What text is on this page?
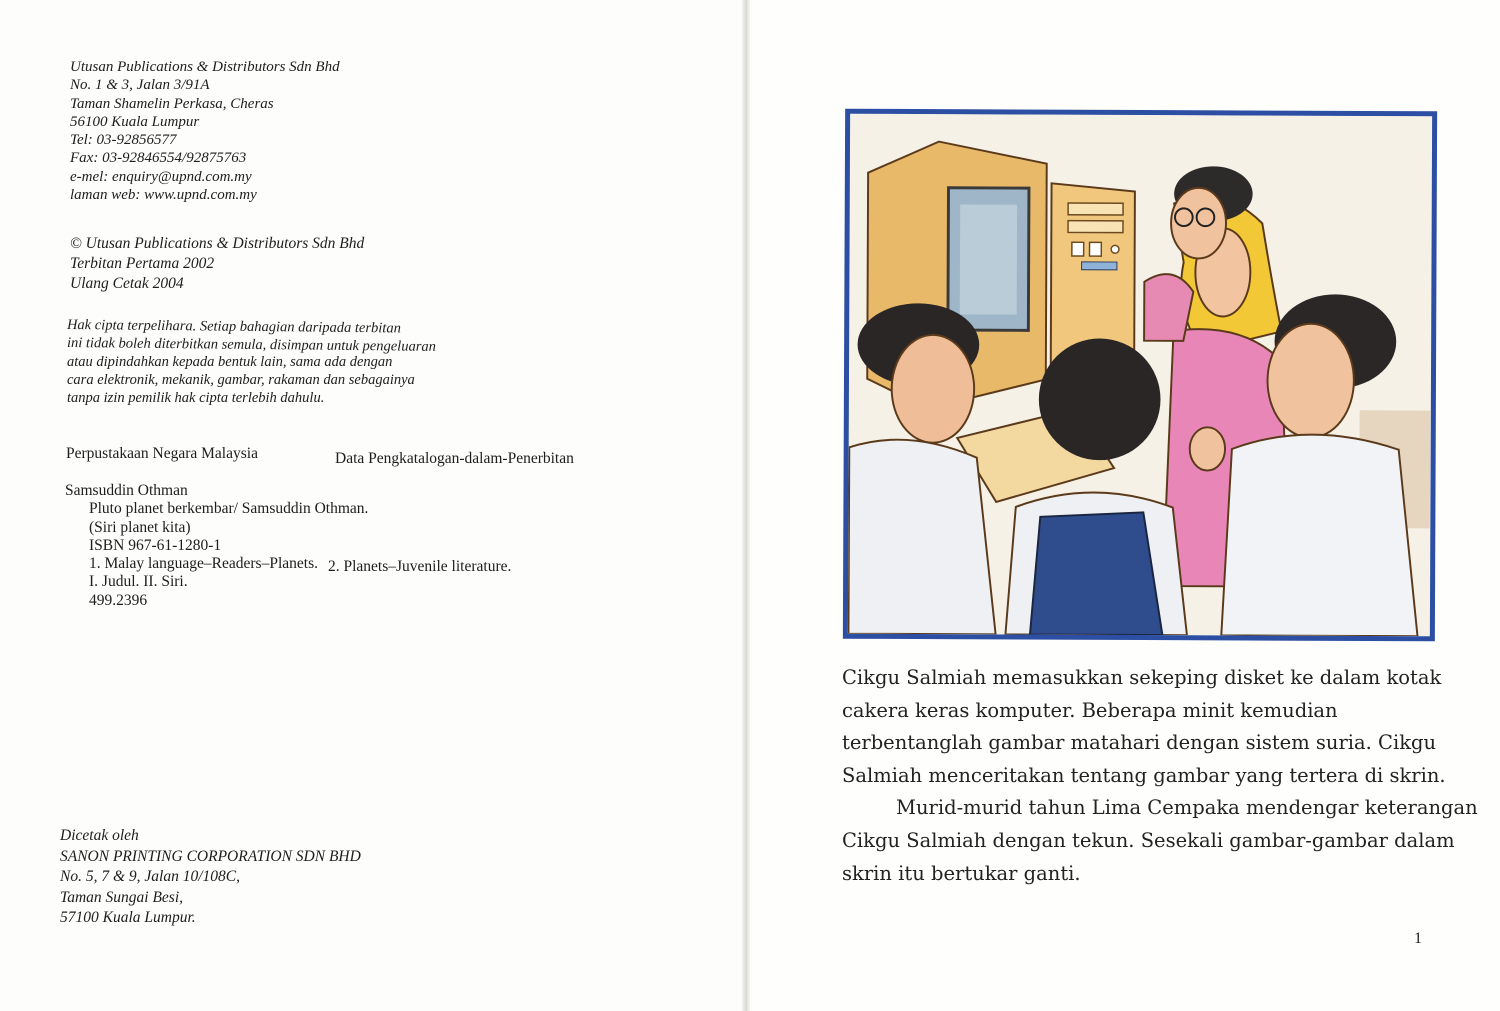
Utusan Publications & Distributors Sdn Bhd
No. 1 & 3, Jalan 3/91A
Taman Shamelin Perkasa, Cheras
56100 Kuala Lumpur
Tel: 03-92856577
Fax: 03-92846554/92875763
e-mel: enquiry@upnd.com.my
laman web: www.upnd.com.my
© Utusan Publications & Distributors Sdn Bhd
Terbitan Pertama 2002
Ulang Cetak 2004
Hak cipta terpelihara. Setiap bahagian daripada terbitan
ini tidak boleh diterbitkan semula, disimpan untuk pengeluaran
atau dipindahkan kepada bentuk lain, sama ada dengan
cara elektronik, mekanik, gambar, rakaman dan sebagainya
tanpa izin pemilik hak cipta terlebih dahulu.
Perpustakaan Negara Malaysia	Data Pengkatalogan-dalam-Penerbitan
Samsuddin Othman
Pluto planet berkembar/ Samsuddin Othman.
(Siri planet kita)
ISBN 967-61-1280-1
1. Malay language–Readers–Planets. 2. Planets–Juvenile literature.
I. Judul. II. Siri.
499.2396
Dicetak oleh
SANON PRINTING CORPORATION SDN BHD
No. 5, 7 & 9, Jalan 10/108C,
Taman Sungai Besi,
57100 Kuala Lumpur.

Cikgu Salmiah memasukkan sekeping disket ke dalam kotak
cakera keras komputer. Beberapa minit kemudian
terbentanglah gambar matahari dengan sistem suria. Cikgu
Salmiah menceritakan tentang gambar yang tertera di skrin.

Murid-murid tahun Lima Cempaka mendengar keterangan
Cikgu Salmiah dengan tekun. Sesekali gambar-gambar dalam
skrin itu bertukar ganti.

1
